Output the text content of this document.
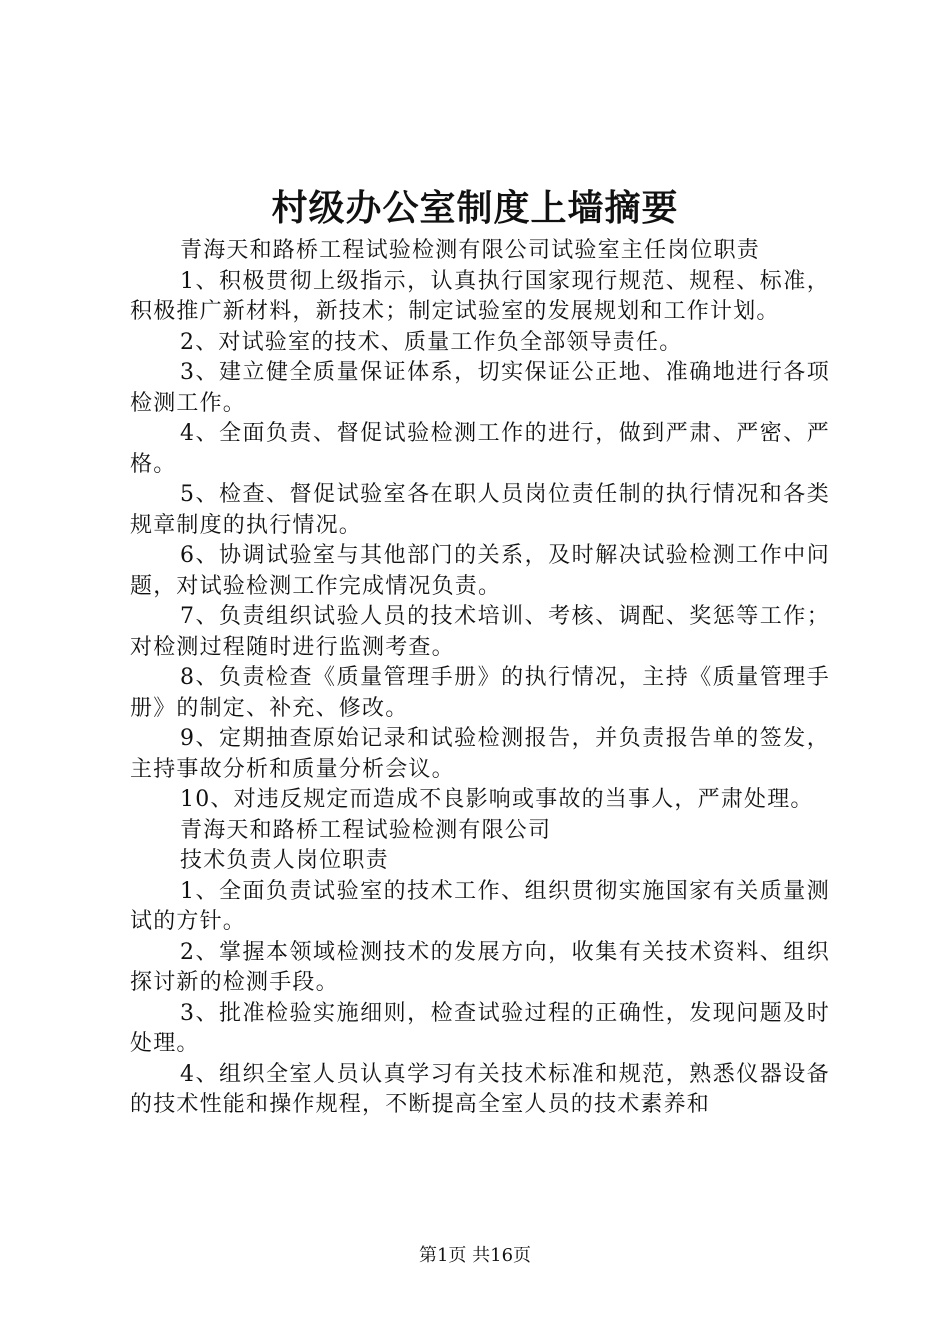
村级办公室制度上墙摘要

青海天和路桥工程试验检测有限公司试验室主任岗位职责

1、积极贯彻上级指示，认真执行国家现行规范、规程、标准，积极推广新材料，新技术；制定试验室的发展规划和工作计划。

2、对试验室的技术、质量工作负全部领导责任。

3、建立健全质量保证体系，切实保证公正地、准确地进行各项检测工作。

4、全面负责、督促试验检测工作的进行，做到严肃、严密、严格。

5、检查、督促试验室各在职人员岗位责任制的执行情况和各类规章制度的执行情况。

6、协调试验室与其他部门的关系，及时解决试验检测工作中问题，对试验检测工作完成情况负责。

7、负责组织试验人员的技术培训、考核、调配、奖惩等工作；对检测过程随时进行监测考查。

8、负责检查《质量管理手册》的执行情况，主持《质量管理手册》的制定、补充、修改。

9、定期抽查原始记录和试验检测报告，并负责报告单的签发，主持事故分析和质量分析会议。

10、对违反规定而造成不良影响或事故的当事人，严肃处理。

青海天和路桥工程试验检测有限公司

技术负责人岗位职责

1、全面负责试验室的技术工作、组织贯彻实施国家有关质量测试的方针。

2、掌握本领域检测技术的发展方向，收集有关技术资料、组织探讨新的检测手段。

3、批准检验实施细则，检查试验过程的正确性，发现问题及时处理。

4、组织全室人员认真学习有关技术标准和规范，熟悉仪器设备的技术性能和操作规程，不断提高全室人员的技术素养和

第1页 共16页
